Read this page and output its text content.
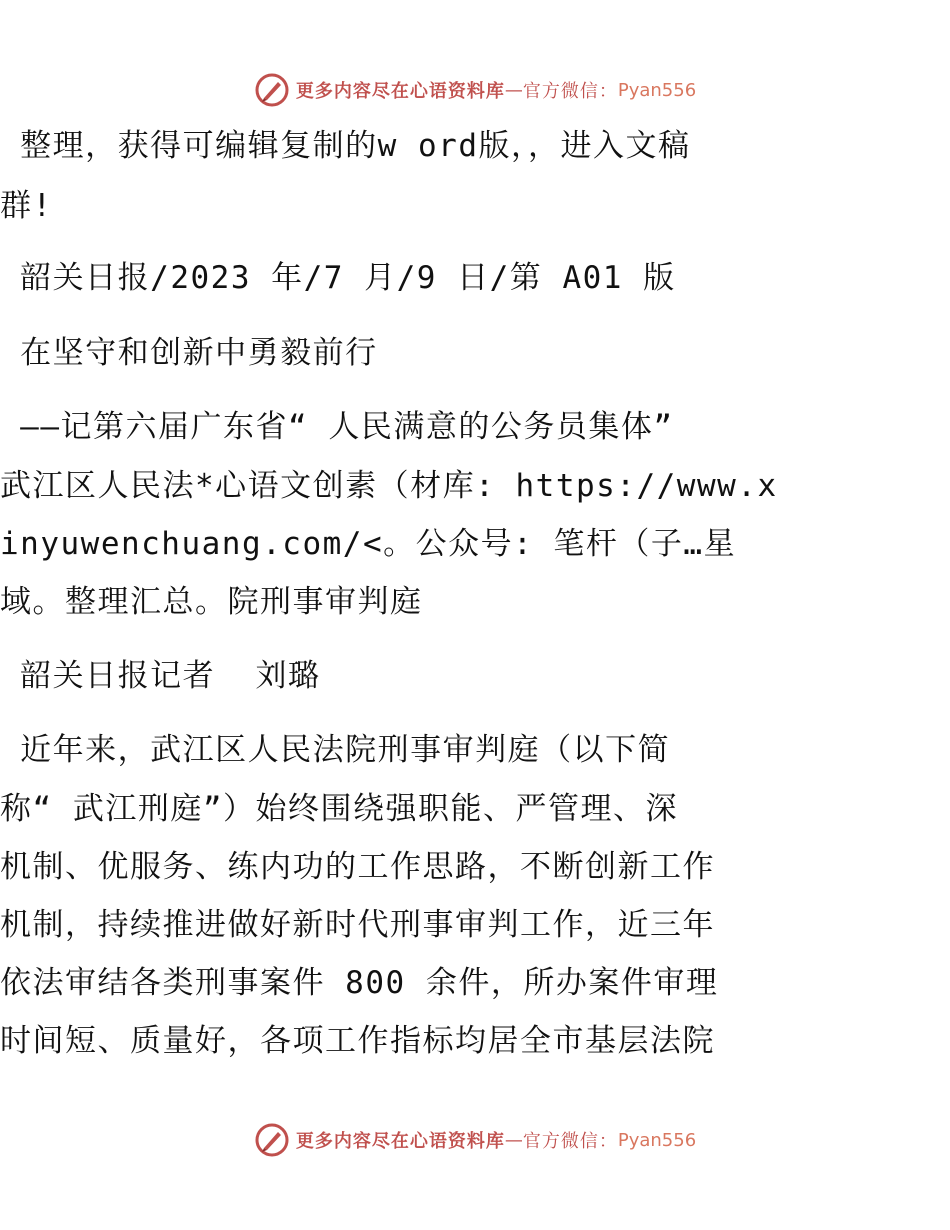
更多内容尽在心语资料库 — 官方微信： Pyan556
整理，获得可编辑复制的w ord版，，进入文稿
群!
韶关日报/2023 年/7 月/9 日/第 A01 版
在坚守和创新中勇毅前行
——记第六届广东省“ 人民满意的公务员集体”
武江区人民法*心语文创素（材库: https://www.x
inyuwenchuang.com/<。公众号: 笔杆（子…星
域。整理汇总。院刑事审判庭
韶关日报记者  刘璐
近年来，武江区人民法院刑事审判庭（以下简
称“ 武江刑庭”）始终围绕强职能、严管理、深
机制、优服务、练内功的工作思路，不断创新工作
机制，持续推进做好新时代刑事审判工作，近三年
依法审结各类刑事案件 800 余件，所办案件审理
时间短、质量好，各项工作指标均居全市基层法院
更多内容尽在心语资料库 — 官方微信： Pyan556
